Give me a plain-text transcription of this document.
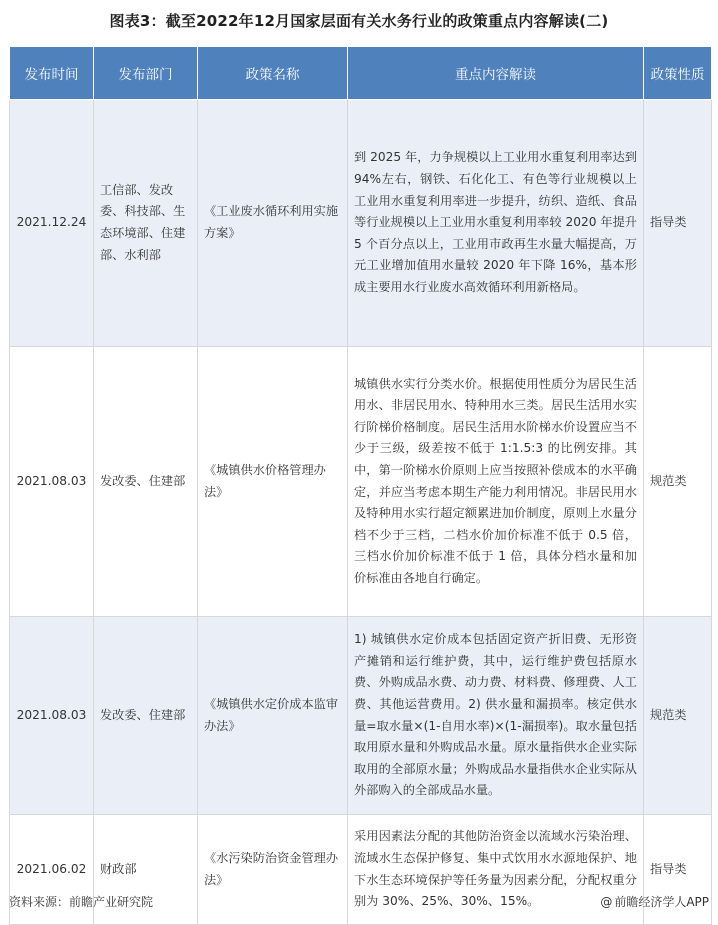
图表3：截至2022年12月国家层面有关水务行业的政策重点内容解读(二)
发布时间	发布部门	政策名称	重点内容解读	政策性质
2021.12.24	工信部、发改委、科技部、生态环境部、住建部、水利部	《工业废水循环利用实施方案》	到 2025 年，力争规模以上工业用水重复利用率达到 94%左右，钢铁、石化化工、有色等行业规模以上工业用水重复利用率进一步提升，纺织、造纸、食品等行业规模以上工业用水重复利用率较 2020 年提升 5 个百分点以上，工业用市政再生水量大幅提高，万元工业增加值用水量较 2020 年下降 16%，基本形成主要用水行业废水高效循环利用新格局。	指导类
2021.08.03	发改委、住建部	《城镇供水价格管理办法》	城镇供水实行分类水价。根据使用性质分为居民生活用水、非居民用水、特种用水三类。居民生活用水实行阶梯价格制度。居民生活用水阶梯水价设置应当不少于三级，级差按不低于 1:1.5:3 的比例安排。其中，第一阶梯水价原则上应当按照补偿成本的水平确定，并应当考虑本期生产能力利用情况。非居民用水及特种用水实行超定额累进加价制度，原则上水量分档不少于三档，二档水价加价标准不低于 0.5 倍，三档水价加价标准不低于 1 倍，具体分档水量和加价标准由各地自行确定。	规范类
2021.08.03	发改委、住建部	《城镇供水定价成本监审办法》	1) 城镇供水定价成本包括固定资产折旧费、无形资产摊销和运行维护费，其中，运行维护费包括原水费、外购成品水费、动力费、材料费、修理费、人工费、其他运营费用。2) 供水量和漏损率。核定供水量=取水量×(1-自用水率)×(1-漏损率)。取水量包括取用原水量和外购成品水量。原水量指供水企业实际取用的全部原水量；外购成品水量指供水企业实际从外部购入的全部成品水量。	规范类
2021.06.02	财政部	《水污染防治资金管理办法》	采用因素法分配的其他防治资金以流域水污染治理、流域水生态保护修复、集中式饮用水水源地保护、地下水生态环境保护等任务量为因素分配，分配权重分别为 30%、25%、30%、15%。	指导类
资料来源：前瞻产业研究院	@ 前瞻经济学人APP
